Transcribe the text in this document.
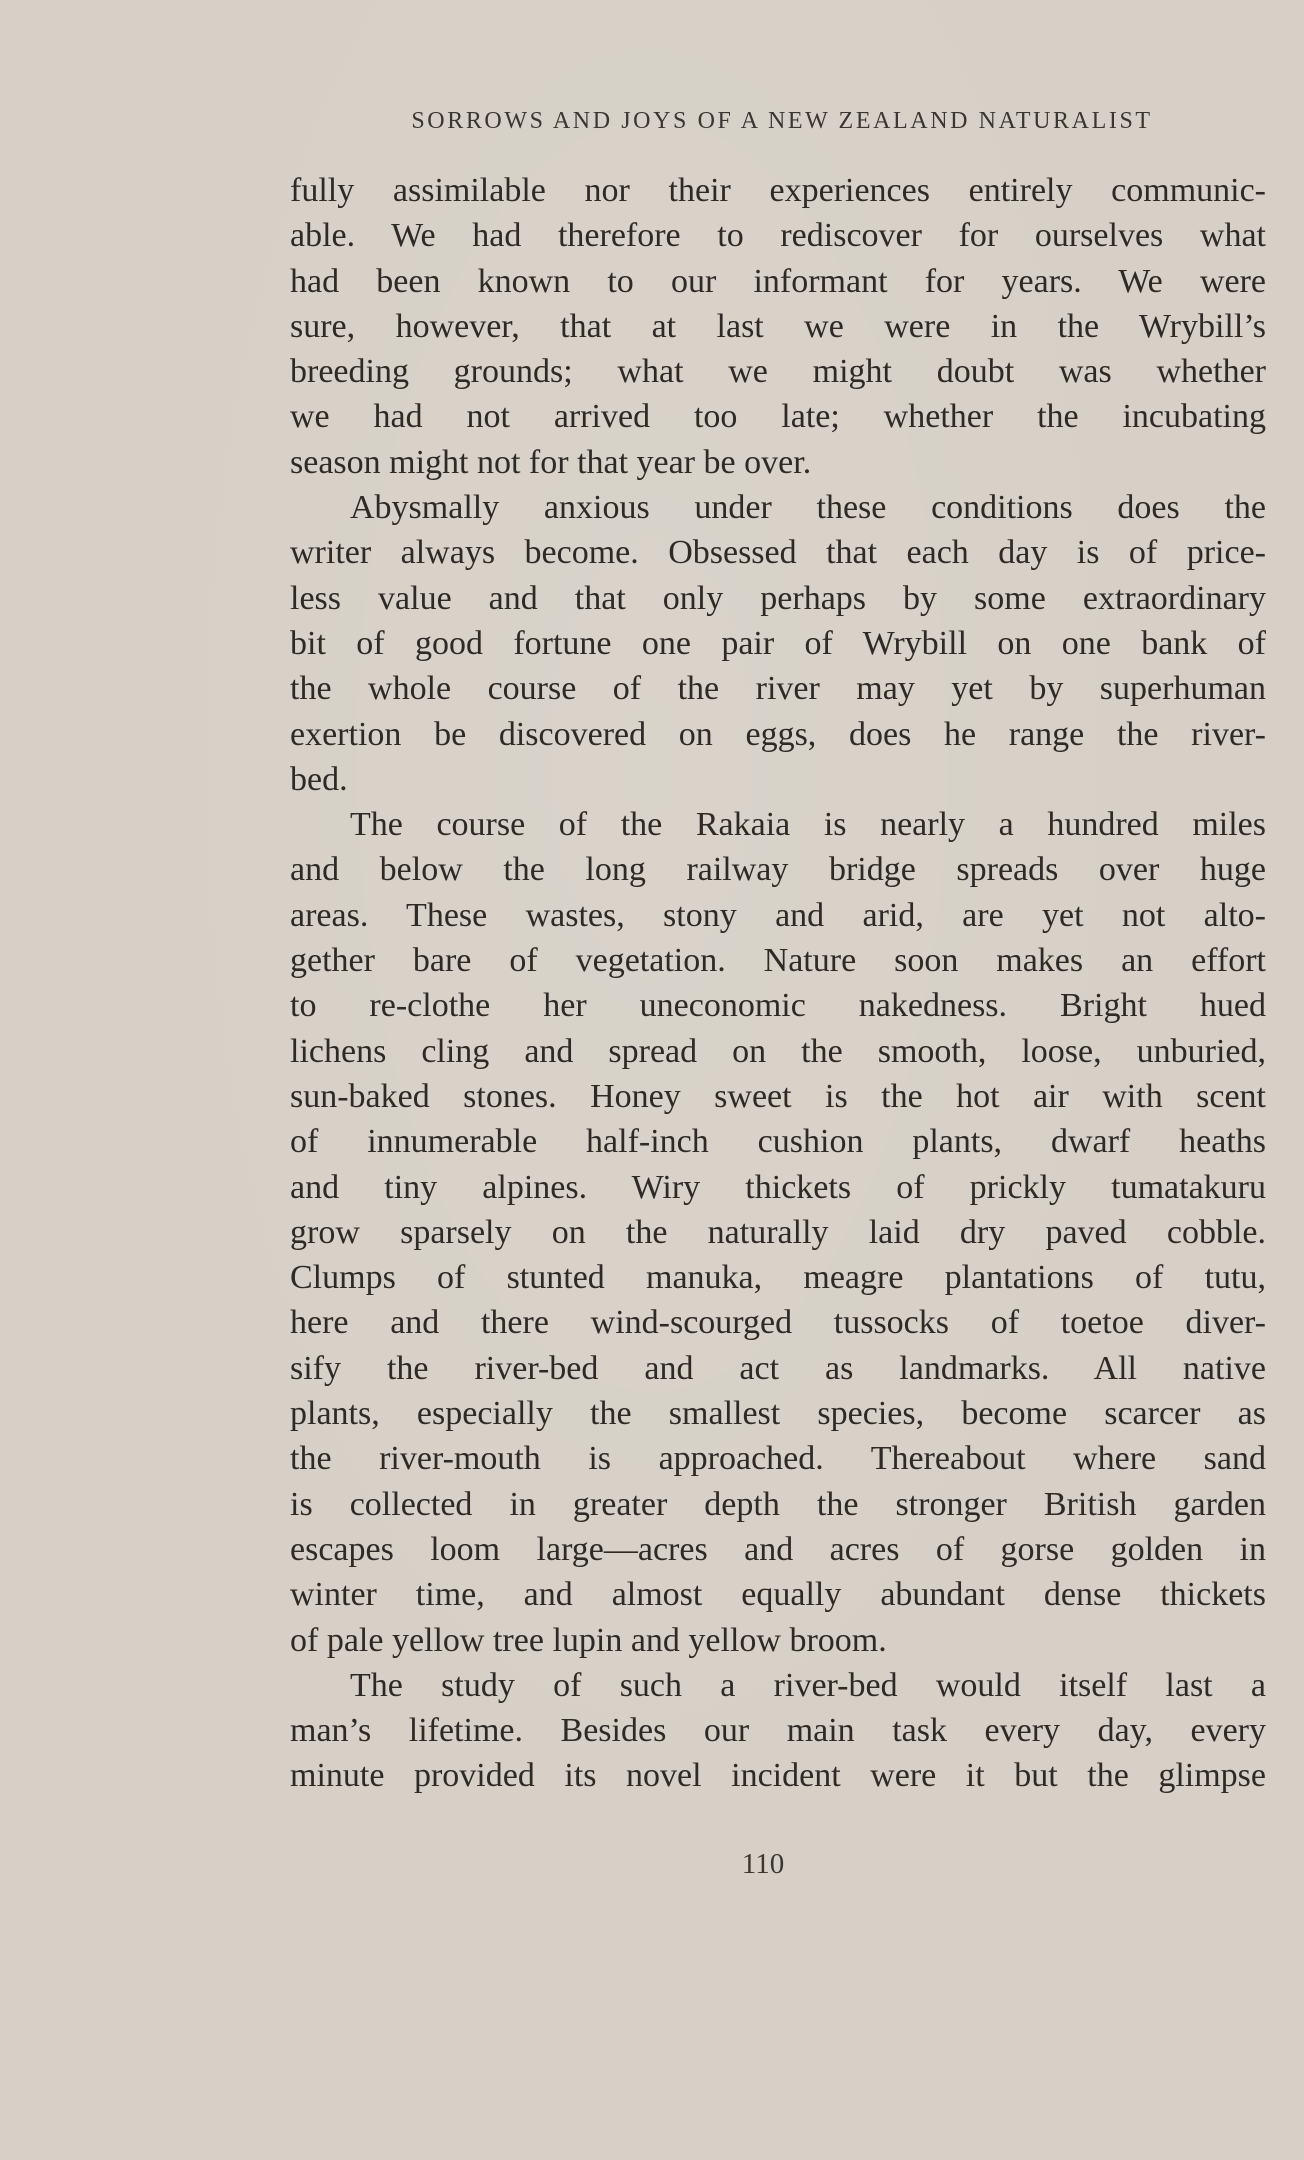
SORROWS AND JOYS OF A NEW ZEALAND NATURALIST
fully assimilable nor their experiences entirely communic-
able. We had therefore to rediscover for ourselves what
had been known to our informant for years. We were
sure, however, that at last we were in the Wrybill’s
breeding grounds; what we might doubt was whether
we had not arrived too late; whether the incubating
season might not for that year be over.
Abysmally anxious under these conditions does the
writer always become. Obsessed that each day is of price-
less value and that only perhaps by some extraordinary
bit of good fortune one pair of Wrybill on one bank of
the whole course of the river may yet by superhuman
exertion be discovered on eggs, does he range the river-
bed.
The course of the Rakaia is nearly a hundred miles
and below the long railway bridge spreads over huge
areas. These wastes, stony and arid, are yet not alto-
gether bare of vegetation. Nature soon makes an effort
to re-clothe her uneconomic nakedness. Bright hued
lichens cling and spread on the smooth, loose, unburied,
sun-baked stones. Honey sweet is the hot air with scent
of innumerable half-inch cushion plants, dwarf heaths
and tiny alpines. Wiry thickets of prickly tumatakuru
grow sparsely on the naturally laid dry paved cobble.
Clumps of stunted manuka, meagre plantations of tutu,
here and there wind-scourged tussocks of toetoe diver-
sify the river-bed and act as landmarks. All native
plants, especially the smallest species, become scarcer as
the river-mouth is approached. Thereabout where sand
is collected in greater depth the stronger British garden
escapes loom large—acres and acres of gorse golden in
winter time, and almost equally abundant dense thickets
of pale yellow tree lupin and yellow broom.
The study of such a river-bed would itself last a
man’s lifetime. Besides our main task every day, every
minute provided its novel incident were it but the glimpse
110
